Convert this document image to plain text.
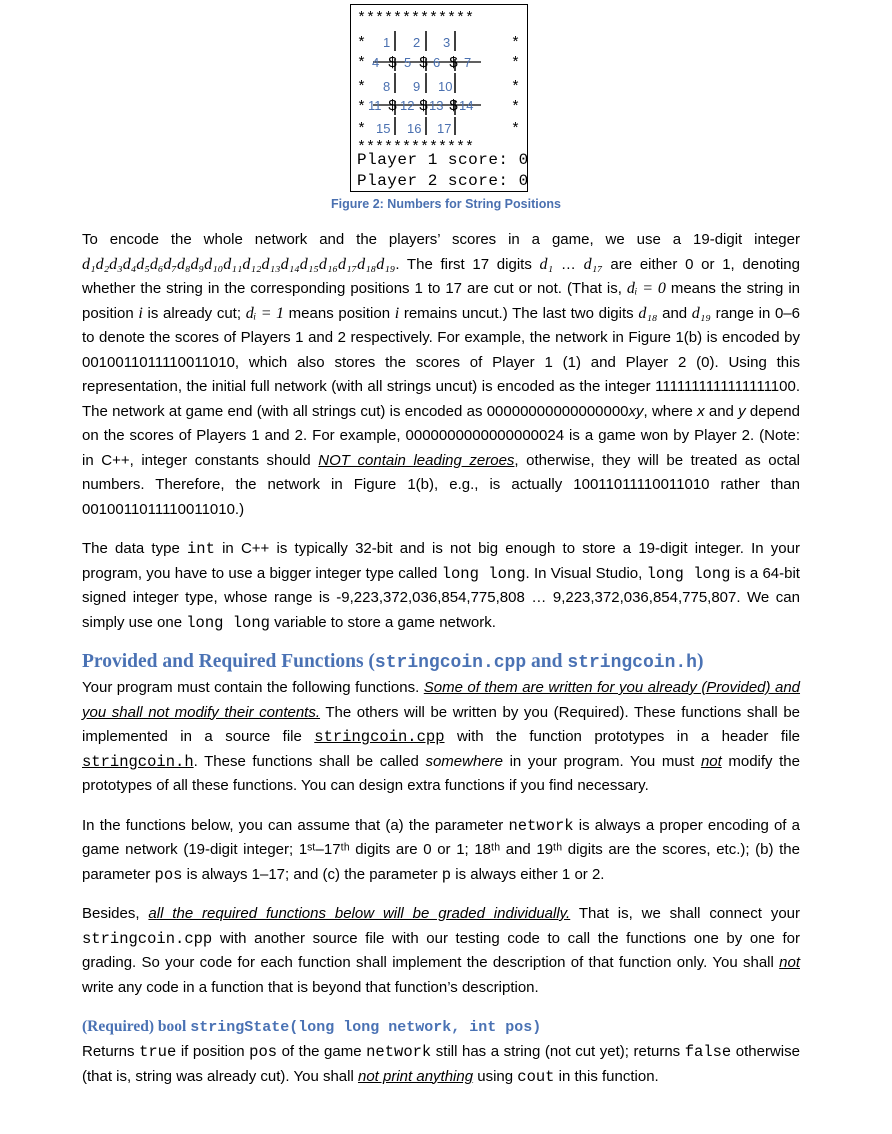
*************
*	*
*	*
*	*
*	*
*	*
*************
$ $ $
$ $ $
1 2 3
4 5 6 7
8 9 10
11 12 13 14
15 16 17
Player 1 score: 0
Player 2 score: 0
Figure 2: Numbers for String Positions

To encode the whole network and the players’ scores in a game, we use a 19-digit integer d₁d₂d₃d₄d₅d₆d₇d₈d₉d₁₀d₁₁d₁₂d₁₃d₁₄d₁₅d₁₆d₁₇d₁₈d₁₉. The first 17 digits d₁ … d₁₇ are either 0 or 1, denoting whether the string in the corresponding positions 1 to 17 are cut or not. (That is, dᵢ = 0 means the string in position i is already cut; dᵢ = 1 means position i remains uncut.) The last two digits d₁₈ and d₁₉ range in 0–6 to denote the scores of Players 1 and 2 respectively. For example, the network in Figure 1(b) is encoded by 0010011011110011010, which also stores the scores of Player 1 (1) and Player 2 (0). Using this representation, the initial full network (with all strings uncut) is encoded as the integer 1111111111111111100. The network at game end (with all strings cut) is encoded as 00000000000000000xy, where x and y depend on the scores of Players 1 and 2. For example, 0000000000000000024 is a game won by Player 2. (Note: in C++, integer constants should NOT contain leading zeroes, otherwise, they will be treated as octal numbers. Therefore, the network in Figure 1(b), e.g., is actually 10011011110011010 rather than 0010011011110011010.)

The data type int in C++ is typically 32-bit and is not big enough to store a 19-digit integer. In your program, you have to use a bigger integer type called long long. In Visual Studio, long long is a 64-bit signed integer type, whose range is -9,223,372,036,854,775,808 … 9,223,372,036,854,775,807. We can simply use one long long variable to store a game network.

Provided and Required Functions (stringcoin.cpp and stringcoin.h)

Your program must contain the following functions. Some of them are written for you already (Provided) and you shall not modify their contents. The others will be written by you (Required). These functions shall be implemented in a source file stringcoin.cpp with the function prototypes in a header file stringcoin.h. These functions shall be called somewhere in your program. You must not modify the prototypes of all these functions. You can design extra functions if you find necessary.

In the functions below, you can assume that (a) the parameter network is always a proper encoding of a game network (19-digit integer; 1ˢᵗ–17ᵗʰ digits are 0 or 1; 18ᵗʰ and 19ᵗʰ digits are the scores, etc.); (b) the parameter pos is always 1–17; and (c) the parameter p is always either 1 or 2.

Besides, all the required functions below will be graded individually. That is, we shall connect your stringcoin.cpp with another source file with our testing code to call the functions one by one for grading. So your code for each function shall implement the description of that function only. You shall not write any code in a function that is beyond that function’s description.

(Required) bool stringState(long long network, int pos)

Returns true if position pos of the game network still has a string (not cut yet); returns false otherwise (that is, string was already cut). You shall not print anything using cout in this function.
